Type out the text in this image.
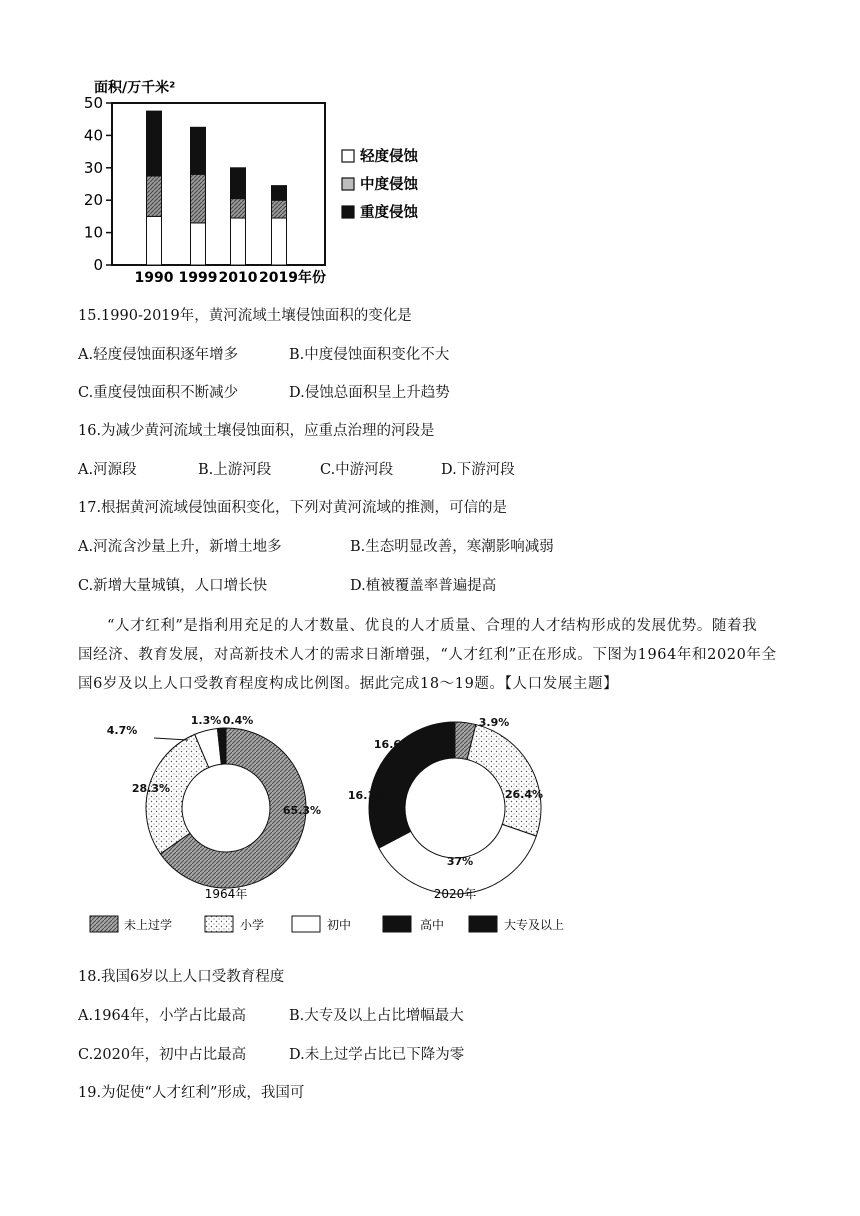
面积/万千米²
0
10
20
30
40
50
1990 1999 2010 2019年份
轻度侵蚀
中度侵蚀
重度侵蚀
15.1990-2019年，黄河流域土壤侵蚀面积的变化是
A.轻度侵蚀面积逐年增多	B.中度侵蚀面积变化不大
C.重度侵蚀面积不断减少	D.侵蚀总面积呈上升趋势
16.为减少黄河流域土壤侵蚀面积，应重点治理的河段是
A.河源段	B.上游河段	C.中游河段	D.下游河段
17.根据黄河流域侵蚀面积变化，下列对黄河流域的推测，可信的是
A.河流含沙量上升，新增土地多	B.生态明显改善，寒潮影响减弱
C.新增大量城镇，人口增长快	D.植被覆盖率普遍提高
“人才红利”是指利用充足的人才数量、优良的人才质量、合理的人才结构形成的发展优势。随着我
国经济、教育发展，对高新技术人才的需求日渐增强，“人才红利”正在形成。下图为1964年和2020年全
国6岁及以上人口受教育程度构成比例图。据此完成18～19题。【人口发展主题】
65.3%
28.3%
4.7%
1.3% 0.4%	3.9%
26.4%
37%
16.1%
16.6%
1964年	2020年
未上过学	小学	初中	高中	大专及以上
18.我国6岁以上人口受教育程度
A.1964年，小学占比最高	B.大专及以上占比增幅最大
C.2020年，初中占比最高	D.未上过学占比已下降为零
19.为促使“人才红利”形成，我国可
